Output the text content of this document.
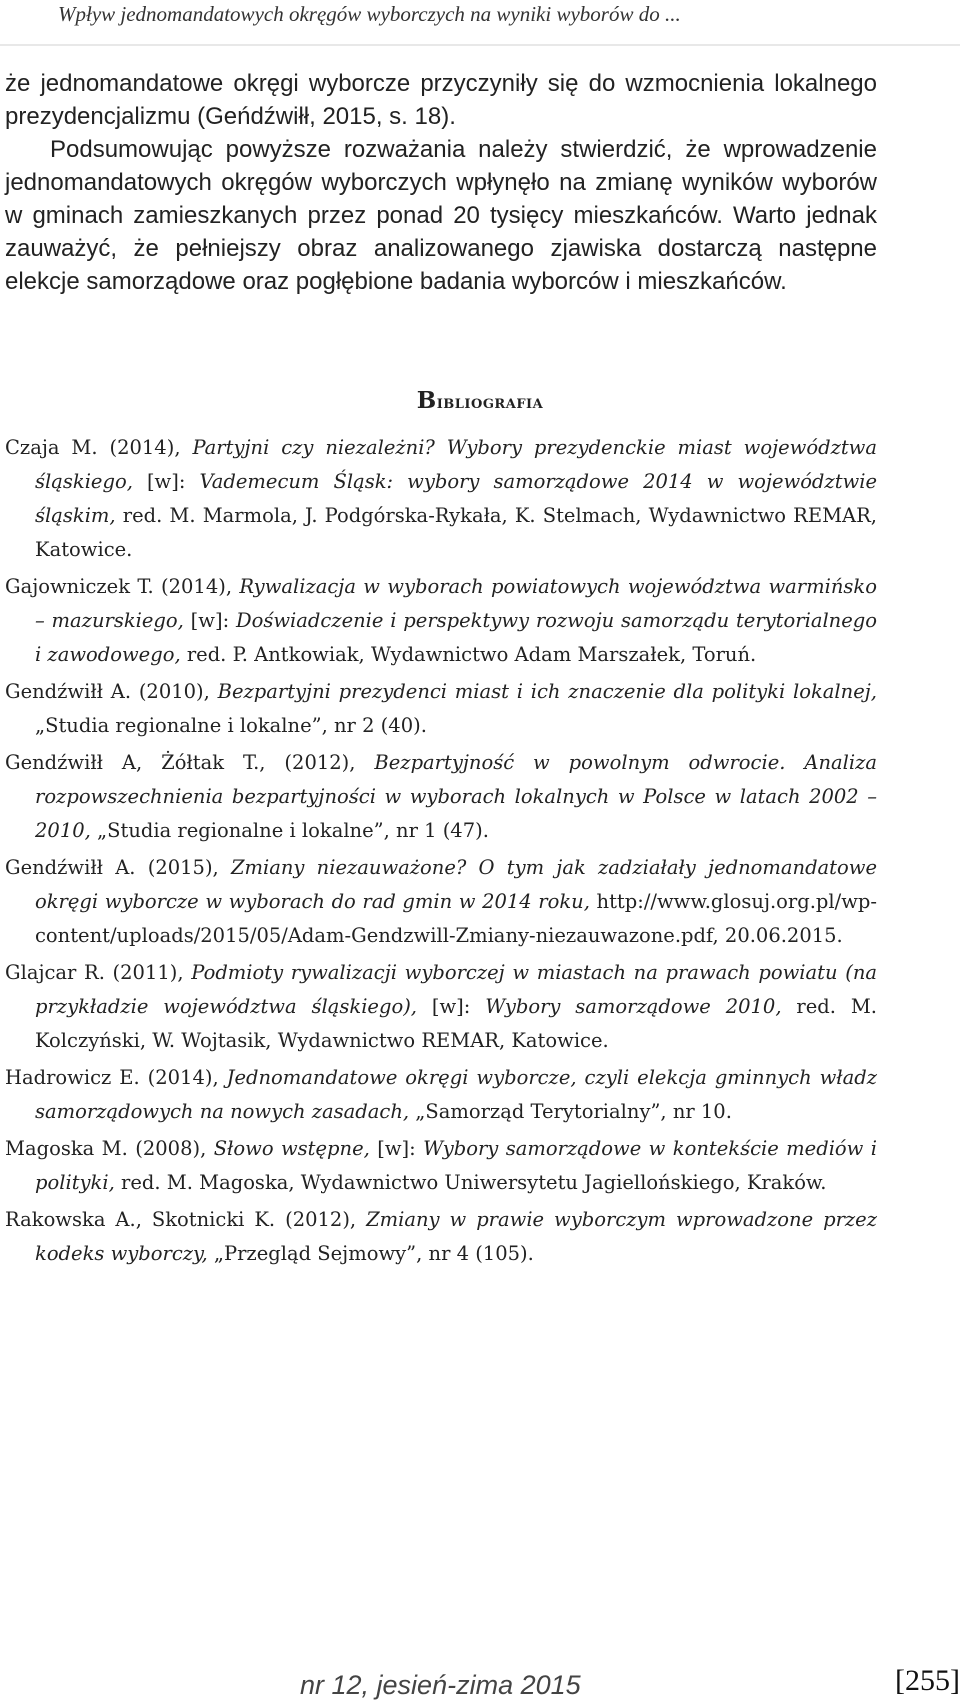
Wpływ jednomandatowych okręgów wyborczych na wyniki wyborów do ...

że jednomandatowe okręgi wyborcze przyczyniły się do wzmocnienia lokalnego prezydencjalizmu (Geńdźwiłł, 2015, s. 18).

Podsumowując powyższe rozważania należy stwierdzić, że wprowadzenie jednomandatowych okręgów wyborczych wpłynęło na zmianę wyników wyborów w gminach zamieszkanych przez ponad 20 tysięcy mieszkańców. Warto jednak zauważyć, że pełniejszy obraz analizowanego zjawiska dostarczą następne elekcje samorządowe oraz pogłębione badania wyborców i mieszkańców.

Bibliografia

Czaja M. (2014), Partyjni czy niezależni? Wybory prezydenckie miast województwa śląskiego, [w]: Vademecum Śląsk: wybory samorządowe 2014 w województwie śląskim, red. M. Marmola, J. Podgórska-Rykała, K. Stelmach, Wydawnictwo REMAR, Katowice.

Gajowniczek T. (2014), Rywalizacja w wyborach powiatowych województwa warmińsko – mazurskiego, [w]: Doświadczenie i perspektywy rozwoju samorządu terytorialnego i zawodowego, red. P. Antkowiak, Wydawnictwo Adam Marszałek, Toruń.

Gendźwiłł A. (2010), Bezpartyjni prezydenci miast i ich znaczenie dla polityki lokalnej, „Studia regionalne i lokalne”, nr 2 (40).

Gendźwiłł A, Żółtak T., (2012), Bezpartyjność w powolnym odwrocie. Analiza rozpowszechnienia bezpartyjności w wyborach lokalnych w Polsce w latach 2002 – 2010, „Studia regionalne i lokalne”, nr 1 (47).

Gendźwiłł A. (2015), Zmiany niezauważone? O tym jak zadziałały jednomandatowe okręgi wyborcze w wyborach do rad gmin w 2014 roku, http://www.glosuj.org.pl/wp-content/uploads/2015/05/Adam-Gendzwill-Zmiany-niezauwazone.pdf, 20.06.2015.

Glajcar R. (2011), Podmioty rywalizacji wyborczej w miastach na prawach powiatu (na przykładzie województwa śląskiego), [w]: Wybory samorządowe 2010, red. M. Kolczyński, W. Wojtasik, Wydawnictwo REMAR, Katowice.

Hadrowicz E. (2014), Jednomandatowe okręgi wyborcze, czyli elekcja gminnych władz samorządowych na nowych zasadach, „Samorząd Terytorialny”, nr 10.

Magoska M. (2008), Słowo wstępne, [w]: Wybory samorządowe w kontekście mediów i polityki, red. M. Magoska, Wydawnictwo Uniwersytetu Jagiellońskiego, Kraków.

Rakowska A., Skotnicki K. (2012), Zmiany w prawie wyborczym wprowadzone przez kodeks wyborczy, „Przegląd Sejmowy”, nr 4 (105).

nr 12, jesień-zima 2015	[255]
